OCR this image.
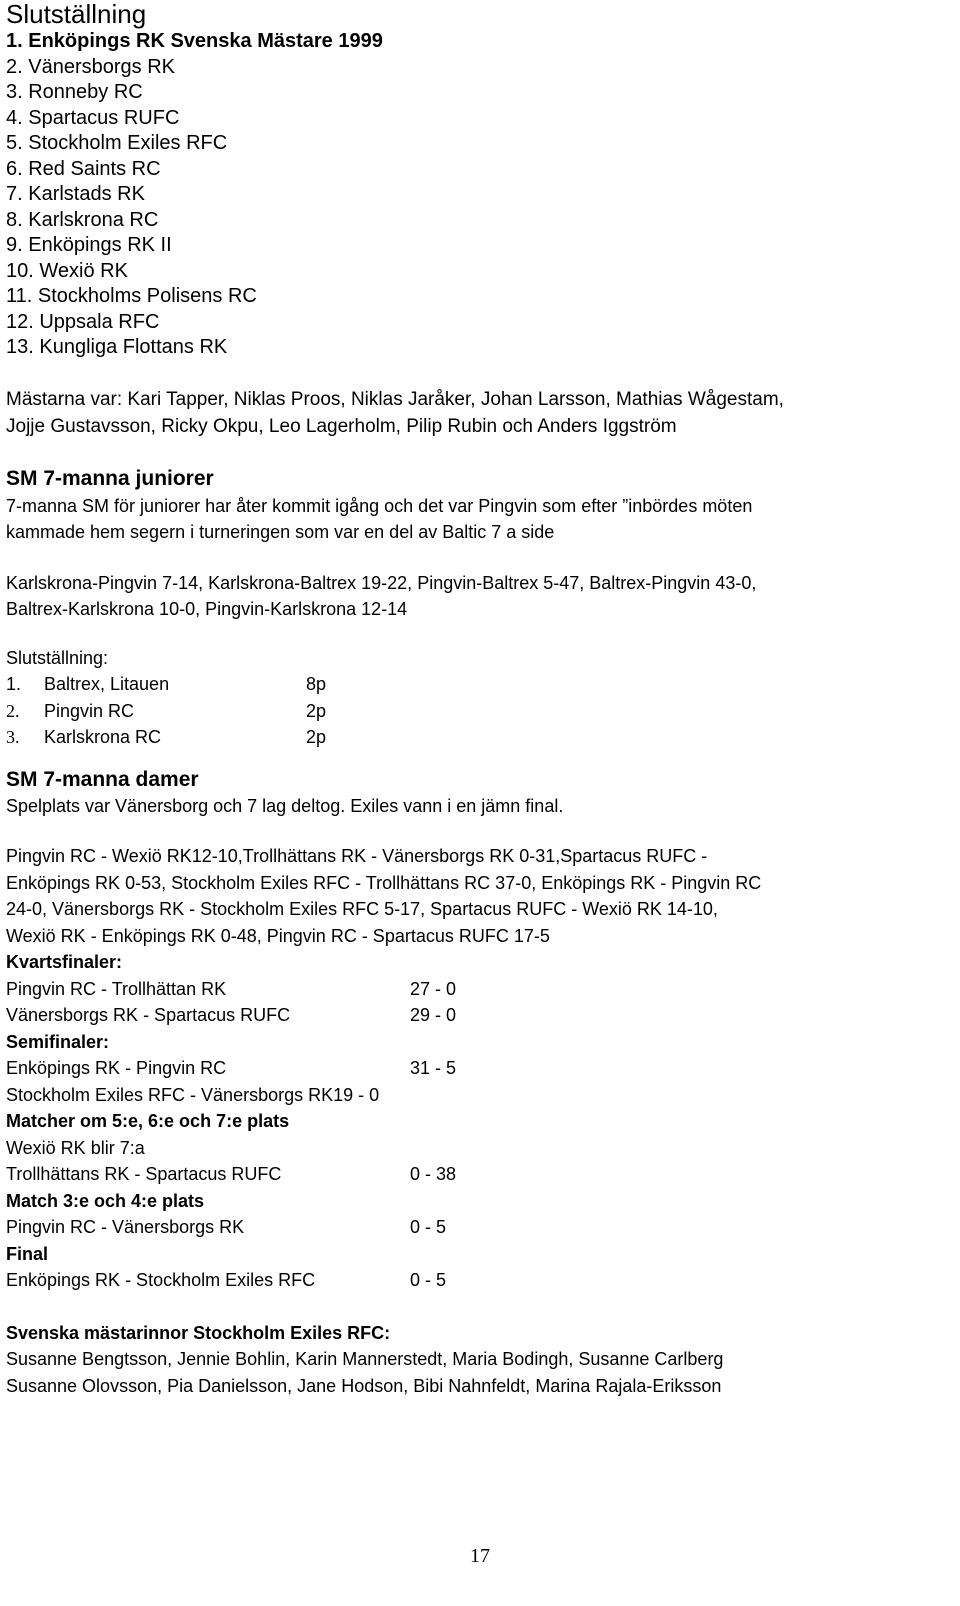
Slutställning
1. Enköpings RK Svenska Mästare 1999
2. Vänersborgs RK
3. Ronneby RC
4. Spartacus RUFC
5. Stockholm Exiles RFC
6. Red Saints RC
7. Karlstads RK
8. Karlskrona RC
9. Enköpings RK II
10. Wexiö RK
11. Stockholms Polisens RC
12. Uppsala RFC
13. Kungliga Flottans RK
Mästarna var: Kari Tapper, Niklas Proos, Niklas Jaråker, Johan Larsson, Mathias Wågestam,
Jojje Gustavsson, Ricky Okpu, Leo Lagerholm, Pilip Rubin och Anders Iggström
SM 7-manna juniorer
7-manna SM för juniorer har åter kommit igång och det var Pingvin som efter ”inbördes möten
kammade hem segern i turneringen som var en del av Baltic 7 a side
Karlskrona-Pingvin 7-14, Karlskrona-Baltrex 19-22, Pingvin-Baltrex 5-47, Baltrex-Pingvin 43-0,
Baltrex-Karlskrona 10-0, Pingvin-Karlskrona 12-14
Slutställning:
1.	Baltrex, Litauen	8p
2.	Pingvin RC	2p
3.	Karlskrona RC	2p
SM 7-manna damer
Spelplats var Vänersborg och 7 lag deltog. Exiles vann i en jämn final.
Pingvin RC - Wexiö RK12-10,Trollhättans RK - Vänersborgs RK 0-31,Spartacus RUFC -
Enköpings RK 0-53, Stockholm Exiles RFC - Trollhättans RC 37-0, Enköpings RK - Pingvin RC
24-0, Vänersborgs RK - Stockholm Exiles RFC 5-17, Spartacus RUFC - Wexiö RK 14-10,
Wexiö RK - Enköpings RK 0-48, Pingvin RC - Spartacus RUFC 17-5
Kvartsfinaler:
Pingvin RC - Trollhättan RK	27 - 0
Vänersborgs RK - Spartacus RUFC	29 - 0
Semifinaler:
Enköpings RK - Pingvin RC	31 - 5
Stockholm Exiles RFC - Vänersborgs RK19 - 0
Matcher om 5:e, 6:e och 7:e plats
Wexiö RK blir 7:a
Trollhättans RK - Spartacus RUFC	0 - 38
Match 3:e och 4:e plats
Pingvin RC - Vänersborgs RK	0 - 5
Final
Enköpings RK - Stockholm Exiles RFC	0 - 5
Svenska mästarinnor Stockholm Exiles RFC:
Susanne Bengtsson, Jennie Bohlin, Karin Mannerstedt, Maria Bodingh, Susanne Carlberg
Susanne Olovsson, Pia Danielsson, Jane Hodson, Bibi Nahnfeldt, Marina Rajala-Eriksson
17
